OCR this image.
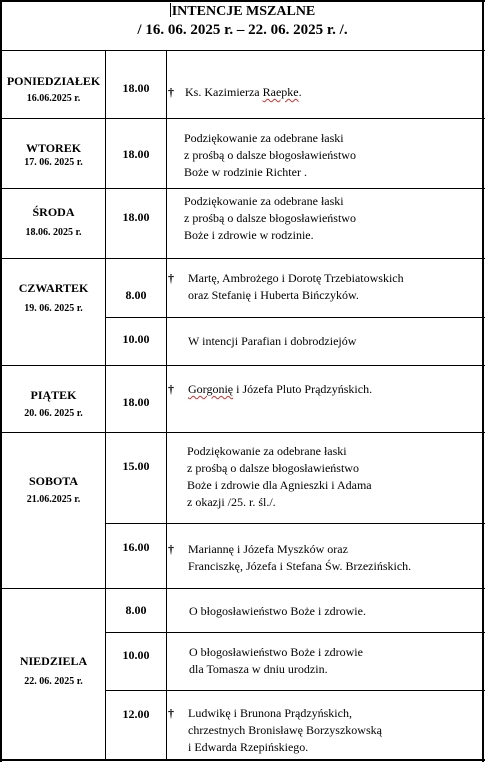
INTENCJE MSZALNE
/ 16. 06. 2025 r. – 22. 06. 2025 r. /.
PONIEDZIAŁEK
16.06.2025 r.
WTOREK
17. 06. 2025 r.
ŚRODA
18.06. 2025 r.
CZWARTEK
19. 06. 2025 r.
PIĄTEK
20. 06. 2025 r.
SOBOTA
21.06.2025 r.
NIEDZIELA
22. 06. 2025 r.
18.00
18.00
18.00
8.00
10.00
18.00
15.00
16.00
8.00
10.00
12.00
† Ks. Kazimierza Raepke.
Podziękowanie za odebrane łaski
z prośbą o dalsze błogosławieństwo
Boże w rodzinie Richter .
Podziękowanie za odebrane łaski
z prośbą o dalsze błogosławieństwo
Boże i zdrowie w rodzinie.
† Martę, Ambrożego i Dorotę Trzebiatowskich
oraz Stefanię i Huberta Bińczyków.
W intencji Parafian i dobrodziejów
† Gorgonię i Józefa Pluto Prądzyńskich.
Podziękowanie za odebrane łaski
z prośbą o dalsze błogosławieństwo
Boże i zdrowie dla Agnieszki i Adama
z okazji /25. r. śl./.
† Mariannę i Józefa Myszków oraz
Franciszkę, Józefa i Stefana Św. Brzezińskich.
O błogosławieństwo Boże i zdrowie.
O błogosławieństwo Boże i zdrowie
dla Tomasza w dniu urodzin.
† Ludwikę i Brunona Prądzyńskich,
chrzestnych Bronisławę Borzyszkowską
i Edwarda Rzepińskiego.
